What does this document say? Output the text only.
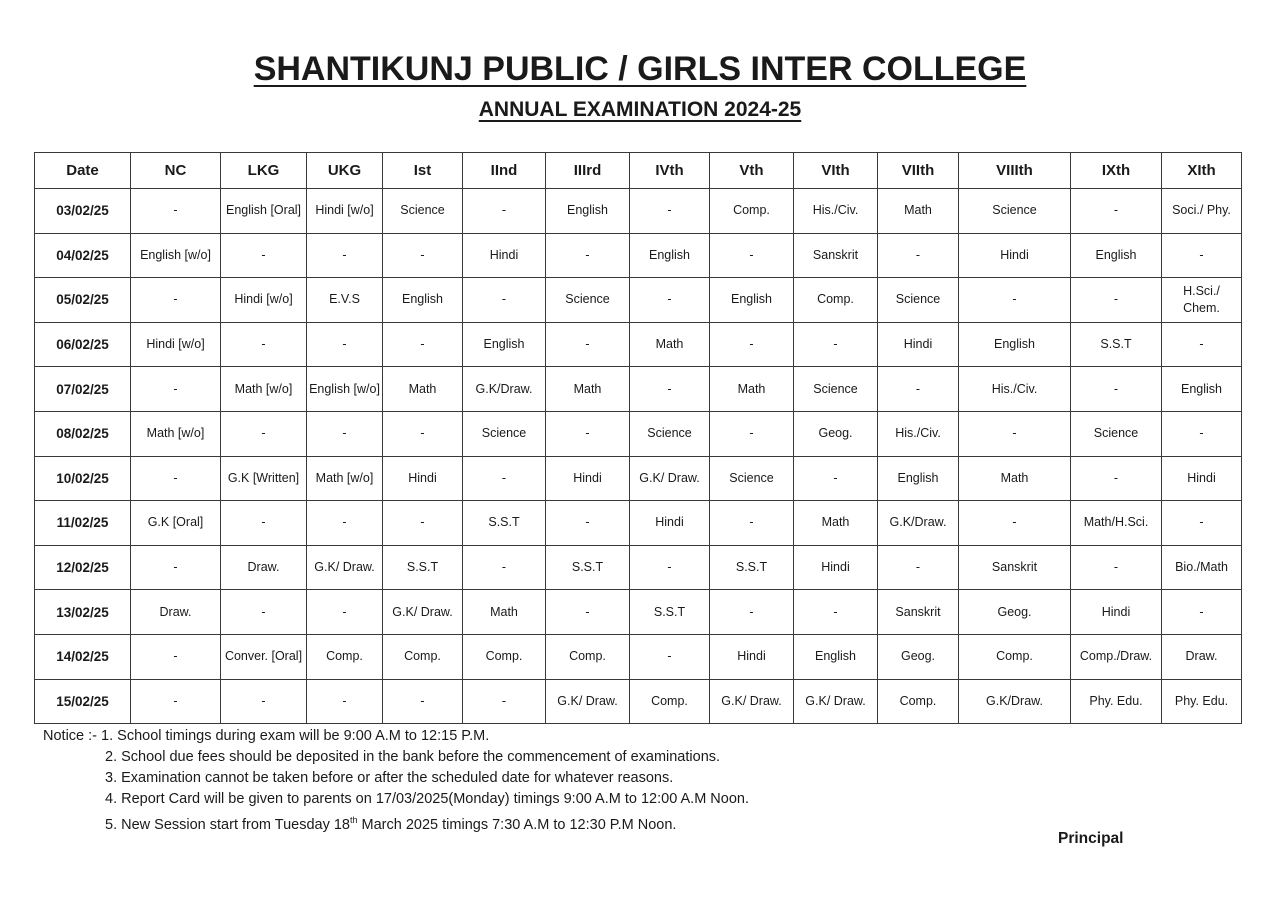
SHANTIKUNJ PUBLIC / GIRLS INTER COLLEGE
ANNUAL EXAMINATION 2024-25
Date	NC	LKG	UKG	Ist	IInd	IIIrd	IVth	Vth	VIth	VIIth	VIIIth	IXth	XIth
03/02/25	-	English [Oral]	Hindi [w/o]	Science	-	English	-	Comp.	His./Civ.	Math	Science	-	Soci./ Phy.
04/02/25	English [w/o]	-	-	-	Hindi	-	English	-	Sanskrit	-	Hindi	English	-
05/02/25	-	Hindi [w/o]	E.V.S	English	-	Science	-	English	Comp.	Science	-	-	H.Sci./ Chem.
06/02/25	Hindi [w/o]	-	-	-	English	-	Math	-	-	Hindi	English	S.S.T	-
07/02/25	-	Math [w/o]	English [w/o]	Math	G.K/Draw.	Math	-	Math	Science	-	His./Civ.	-	English
08/02/25	Math [w/o]	-	-	-	Science	-	Science	-	Geog.	His./Civ.	-	Science	-
10/02/25	-	G.K [Written]	Math [w/o]	Hindi	-	Hindi	G.K/ Draw.	Science	-	English	Math	-	Hindi
11/02/25	G.K [Oral]	-	-	-	S.S.T	-	Hindi	-	Math	G.K/Draw.	-	Math/H.Sci.	-
12/02/25	-	Draw.	G.K/ Draw.	S.S.T	-	S.S.T	-	S.S.T	Hindi	-	Sanskrit	-	Bio./Math
13/02/25	Draw.	-	-	G.K/ Draw.	Math	-	S.S.T	-	-	Sanskrit	Geog.	Hindi	-
14/02/25	-	Conver. [Oral]	Comp.	Comp.	Comp.	Comp.	-	Hindi	English	Geog.	Comp.	Comp./Draw.	Draw.
15/02/25	-	-	-	-	-	G.K/ Draw.	Comp.	G.K/ Draw.	G.K/ Draw.	Comp.	G.K/Draw.	Phy. Edu.	Phy. Edu.
Notice :- 1. School timings during exam will be 9:00 A.M to 12:15 P.M.
2. School due fees should be deposited in the bank before the commencement of examinations.
3. Examination cannot be taken before or after the scheduled date for whatever reasons.
4. Report Card will be given to parents on 17/03/2025(Monday) timings 9:00 A.M to 12:00 A.M Noon.
5. New Session start from Tuesday 18th March 2025 timings 7:30 A.M to 12:30 P.M Noon.
Principal
